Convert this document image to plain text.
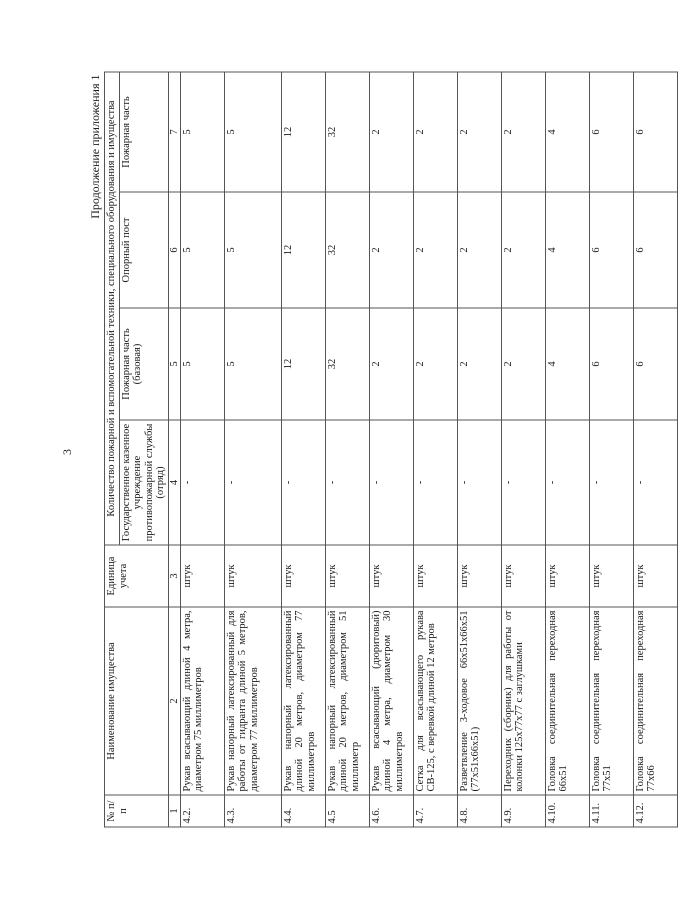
3
Продолжение приложения 1
№ п/п	Наименование имущества	Единица учета	Количество пожарной и вспомогательной техники, специального оборудования и имущества			
			Государственное казенное учреждение противопожарной службы (отряд)	Пожарная часть (базовая)	Опорный пост	Пожарная часть
1	2	3	4	5	6	7
4.2.	Рукав всасывающий длиной 4 метра, диаметром 75 миллиметров	штук	-	5	5	5
4.3.	Рукав напорный латексированный для работы от гидранта длиной 5 метров, диаметром 77 миллиметров	штук	-	5	5	5
4.4.	Рукав напорный латексированный длиной 20 метров, диаметром 77 миллиметров	штук	-	12	12	12
4.5	Рукав напорный латексированный длиной 20 метров, диаметром 51 миллиметр	штук	-	32	32	32
4.6.	Рукав всасывающий (дюритовый) длиной 4 метра, диаметром 30 миллиметров	штук	-	2	2	2
4.7.	Сетка для всасывающего рукава СВ-125, с веревкой длиной 12 метров	штук	-	2	2	2
4.8.	Разветвление 3-ходовое 66х51х66х51 (77х51х66х51)	штук	-	2	2	2
4.9.	Переходник (сборник) для работы от колонки 125х77х77 с заглушками	штук	-	2	2	2
4.10.	Головка соединительная переходная 66х51	штук	-	4	4	4
4.11.	Головка соединительная переходная 77х51	штук	-	6	6	6
4.12.	Головка соединительная переходная 77х66	штук	-	6	6	6
